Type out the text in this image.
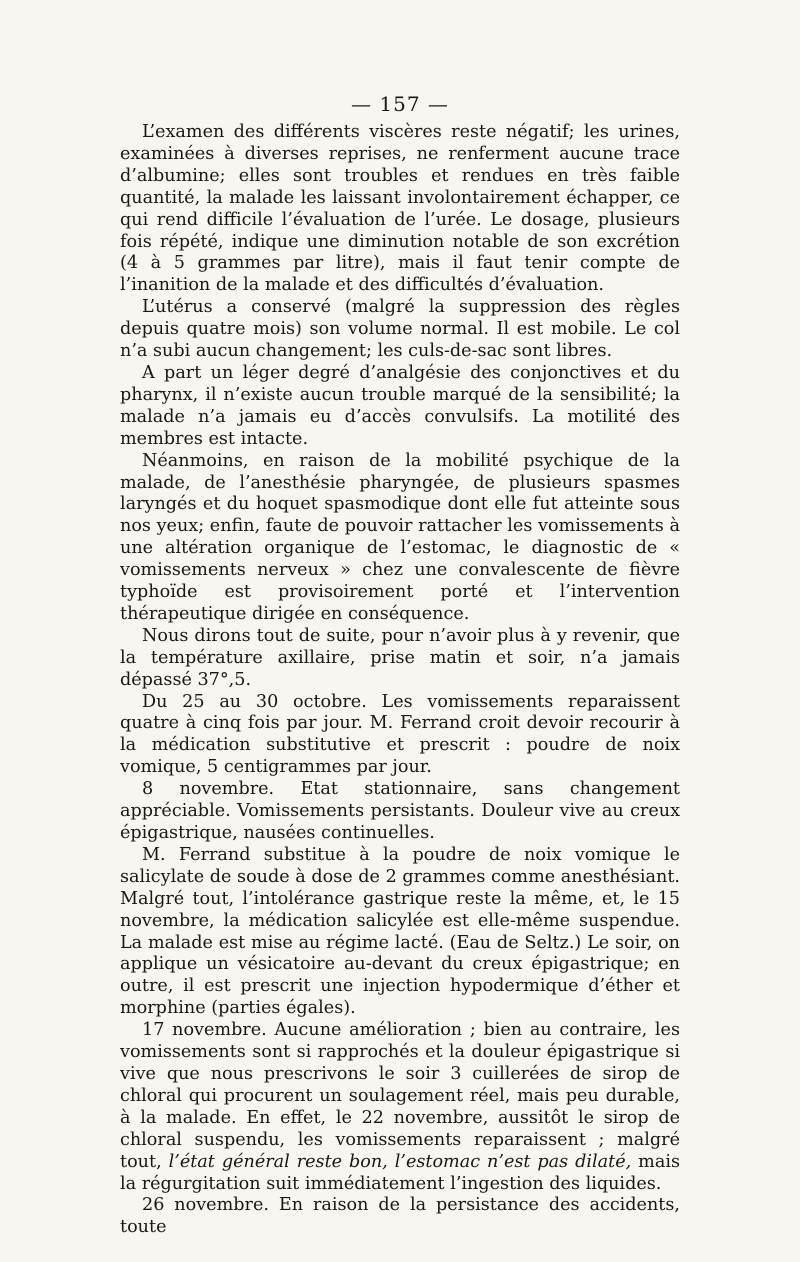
— 157 —

L’examen des différents viscères reste négatif; les urines, examinées à diverses reprises, ne renferment aucune trace d’albumine; elles sont troubles et rendues en très faible quantité, la malade les laissant involontairement échapper, ce qui rend difficile l’évaluation de l’urée. Le dosage, plusieurs fois répété, indique une diminution notable de son excrétion (4 à 5 grammes par litre), mais il faut tenir compte de l’inanition de la malade et des difficultés d’évaluation.

L’utérus a conservé (malgré la suppression des règles depuis quatre mois) son volume normal. Il est mobile. Le col n’a subi aucun changement; les culs-de-sac sont libres.

A part un léger degré d’analgésie des conjonctives et du pharynx, il n’existe aucun trouble marqué de la sensibilité; la malade n’a jamais eu d’accès convulsifs. La motilité des membres est intacte.

Néanmoins, en raison de la mobilité psychique de la malade, de l’anesthésie pharyngée, de plusieurs spasmes laryngés et du hoquet spasmodique dont elle fut atteinte sous nos yeux; enfin, faute de pouvoir rattacher les vomissements à une altération organique de l’estomac, le diagnostic de « vomissements nerveux » chez une convalescente de fièvre typhoïde est provisoirement porté et l’intervention thérapeutique dirigée en conséquence.

Nous dirons tout de suite, pour n’avoir plus à y revenir, que la température axillaire, prise matin et soir, n’a jamais dépassé 37°,5.

Du 25 au 30 octobre. Les vomissements reparaissent quatre à cinq fois par jour. M. Ferrand croit devoir recourir à la médication substitutive et prescrit : poudre de noix vomique, 5 centigrammes par jour.

8 novembre. Etat stationnaire, sans changement appréciable. Vomissements persistants. Douleur vive au creux épigastrique, nausées continuelles.

M. Ferrand substitue à la poudre de noix vomique le salicylate de soude à dose de 2 grammes comme anesthésiant. Malgré tout, l’intolérance gastrique reste la même, et, le 15 novembre, la médication salicylée est elle-même suspendue. La malade est mise au régime lacté. (Eau de Seltz.) Le soir, on applique un vésicatoire au-devant du creux épigastrique; en outre, il est prescrit une injection hypodermique d’éther et morphine (parties égales).

17 novembre. Aucune amélioration ; bien au contraire, les vomissements sont si rapprochés et la douleur épigastrique si vive que nous prescrivons le soir 3 cuillerées de sirop de chloral qui procurent un soulagement réel, mais peu durable, à la malade. En effet, le 22 novembre, aussitôt le sirop de chloral suspendu, les vomissements reparaissent ; malgré tout, l’état général reste bon, l’estomac n’est pas dilaté, mais la régurgitation suit immédiatement l’ingestion des liquides.

26 novembre. En raison de la persistance des accidents, toute
